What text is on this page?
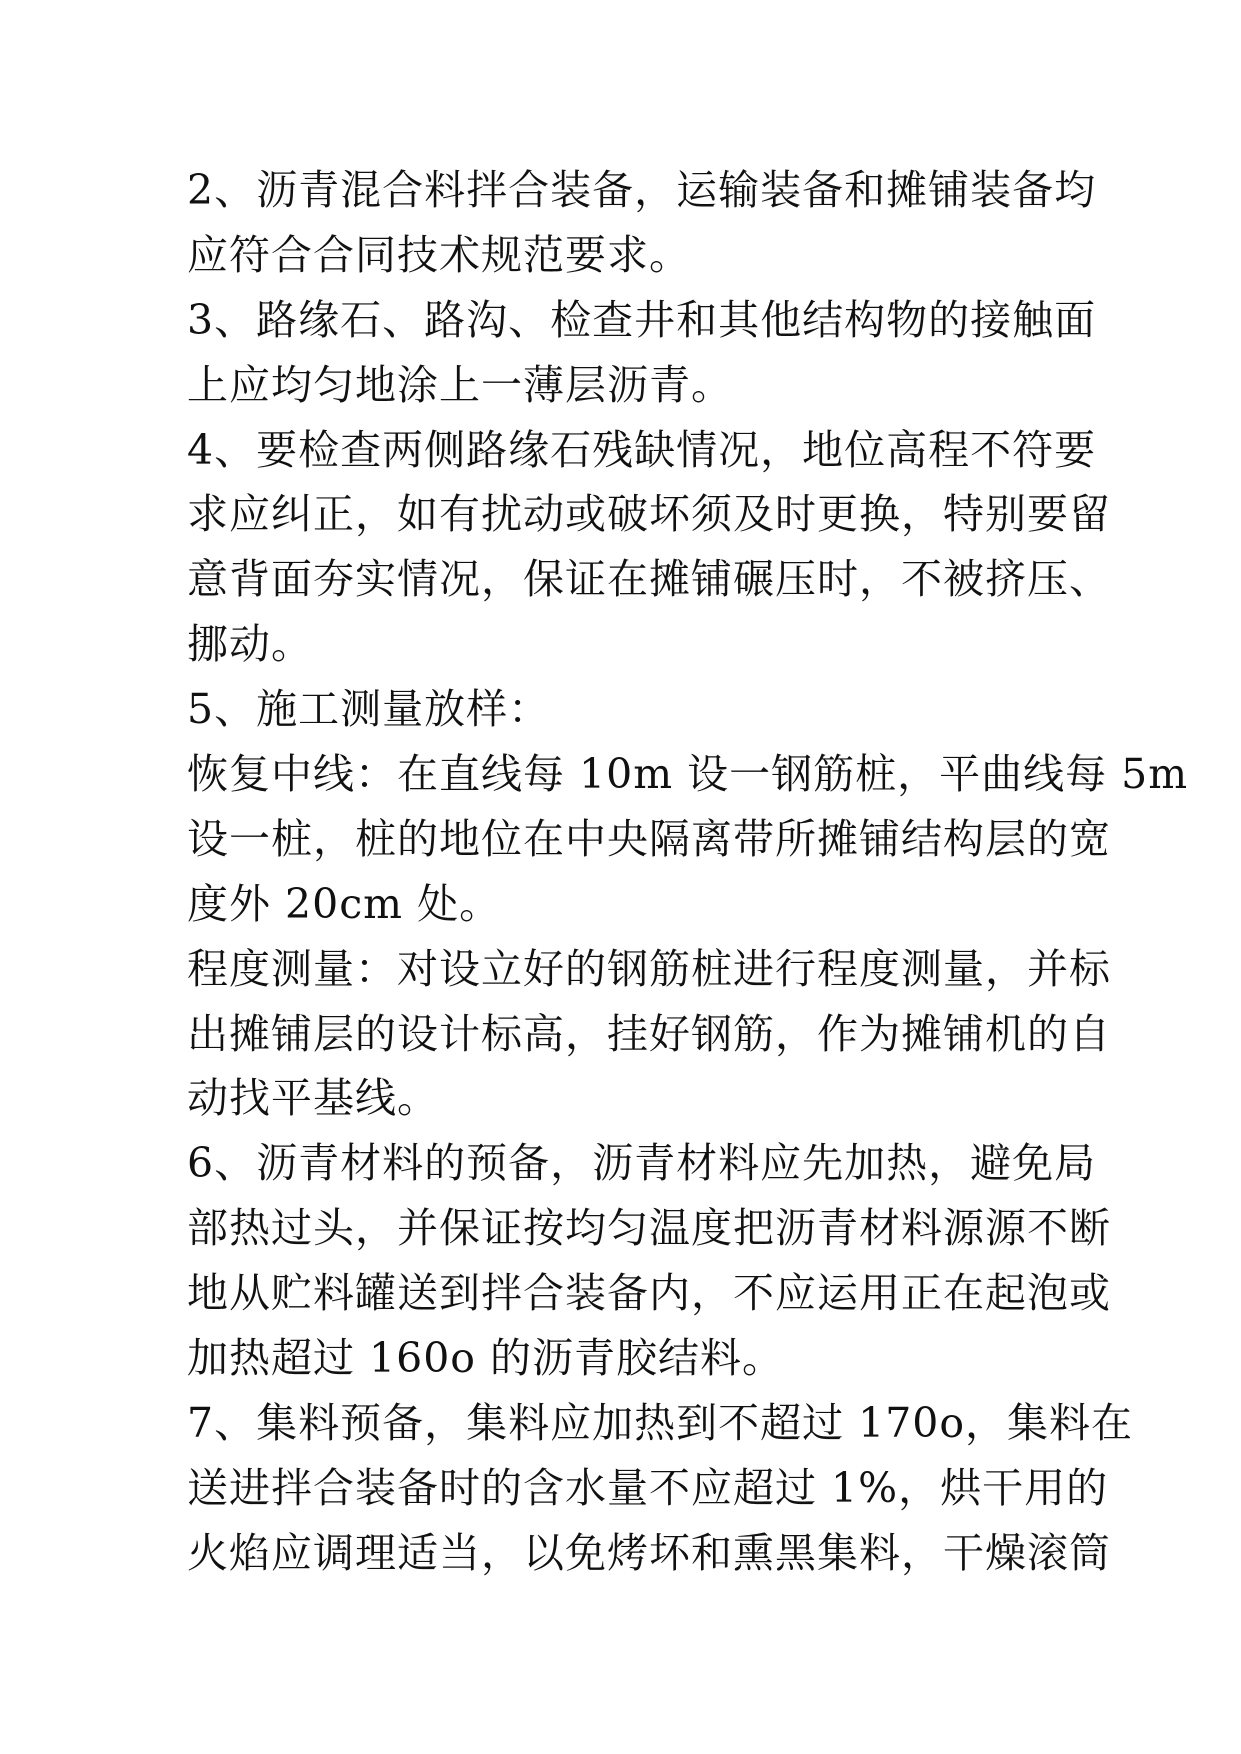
2、沥青混合料拌合装备，运输装备和摊铺装备均
应符合合同技术规范要求。
3、路缘石、路沟、检查井和其他结构物的接触面
上应均匀地涂上一薄层沥青。
4、要检查两侧路缘石残缺情况，地位高程不符要
求应纠正，如有扰动或破坏须及时更换，特别要留
意背面夯实情况，保证在摊铺碾压时，不被挤压、
挪动。
5、施工测量放样：
恢复中线：在直线每 10m 设一钢筋桩，平曲线每 5m
设一桩，桩的地位在中央隔离带所摊铺结构层的宽
度外 20cm 处。
程度测量：对设立好的钢筋桩进行程度测量，并标
出摊铺层的设计标高，挂好钢筋，作为摊铺机的自
动找平基线。
6、沥青材料的预备，沥青材料应先加热，避免局
部热过头，并保证按均匀温度把沥青材料源源不断
地从贮料罐送到拌合装备内，不应运用正在起泡或
加热超过 160o 的沥青胶结料。
7、集料预备，集料应加热到不超过 170o，集料在
送进拌合装备时的含水量不应超过 1%，烘干用的
火焰应调理适当，以免烤坏和熏黑集料，干燥滚筒
